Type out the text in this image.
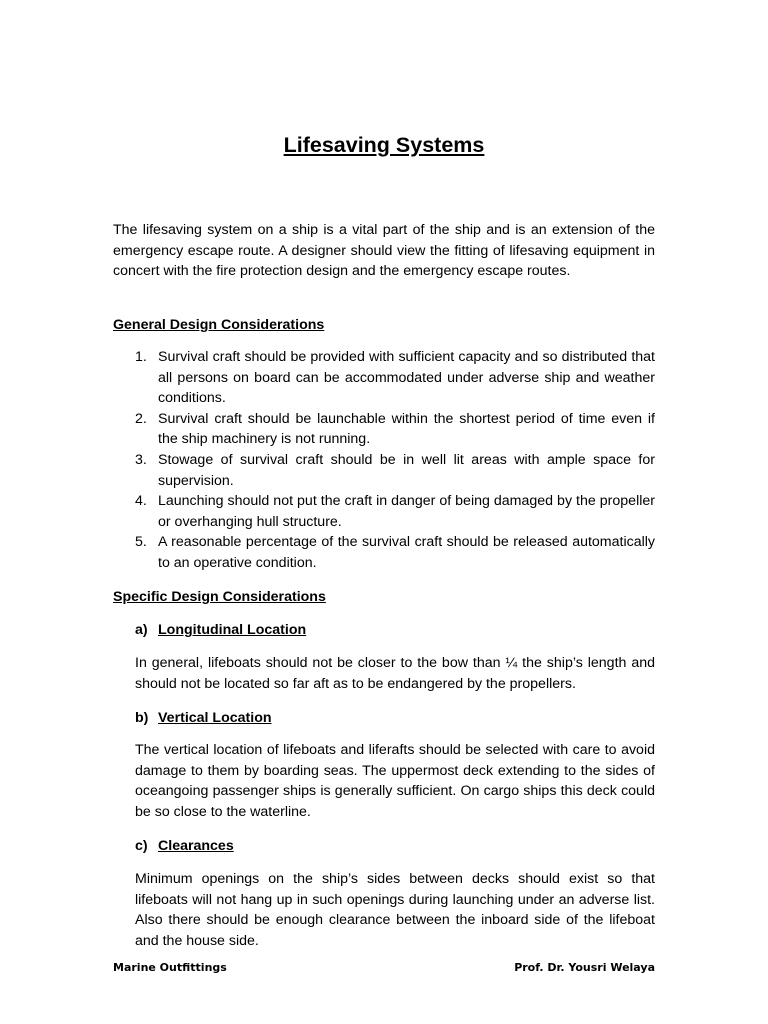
Lifesaving Systems

The lifesaving system on a ship is a vital part of the ship and is an extension of the emergency escape route. A designer should view the fitting of lifesaving equipment in concert with the fire protection design and the emergency escape routes.

General Design Considerations
1. Survival craft should be provided with sufficient capacity and so distributed that all persons on board can be accommodated under adverse ship and weather conditions.
2. Survival craft should be launchable within the shortest period of time even if the ship machinery is not running.
3. Stowage of survival craft should be in well lit areas with ample space for supervision.
4. Launching should not put the craft in danger of being damaged by the propeller or overhanging hull structure.
5. A reasonable percentage of the survival craft should be released automatically to an operative condition.
Specific Design Considerations
a) Longitudinal Location

In general, lifeboats should not be closer to the bow than ¼ the ship’s length and should not be located so far aft as to be endangered by the propellers.

b) Vertical Location

The vertical location of lifeboats and liferafts should be selected with care to avoid damage to them by boarding seas. The uppermost deck extending to the sides of oceangoing passenger ships is generally sufficient. On cargo ships this deck could be so close to the waterline.

c) Clearances

Minimum openings on the ship’s sides between decks should exist so that lifeboats will not hang up in such openings during launching under an adverse list. Also there should be enough clearance between the inboard side of the lifeboat and the house side.

Marine Outfittings	Prof. Dr. Yousri Welaya
